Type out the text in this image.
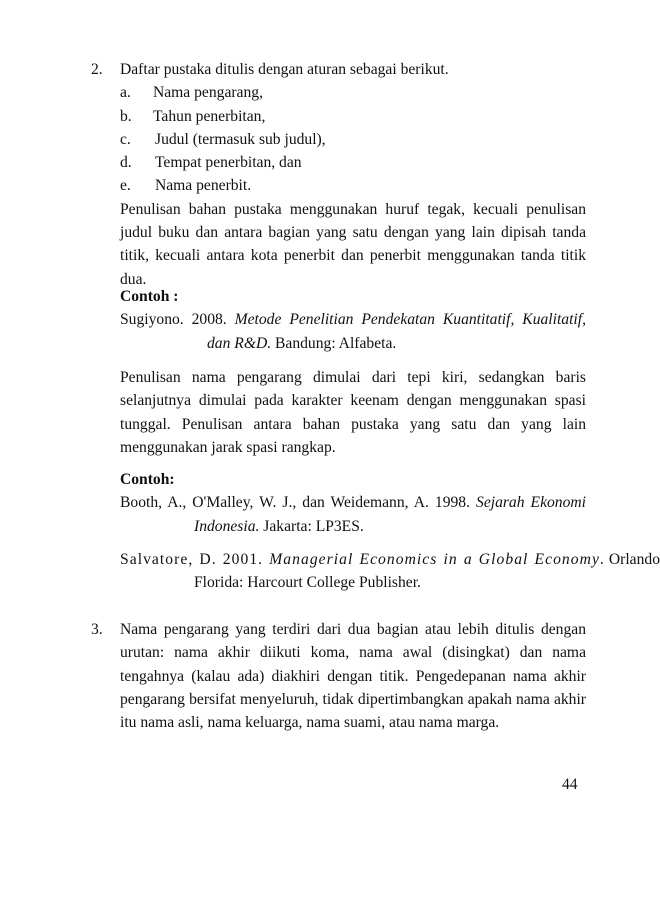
2. Daftar pustaka ditulis dengan aturan sebagai berikut.
a. Nama pengarang,
b. Tahun penerbitan,
c. Judul (termasuk sub judul),
d. Tempat penerbitan, dan
e. Nama penerbit.
Penulisan bahan pustaka menggunakan huruf tegak, kecuali penulisan judul buku dan antara bagian yang satu dengan yang lain dipisah tanda titik, kecuali antara kota penerbit dan penerbit menggunakan tanda titik dua.
Contoh :
Sugiyono. 2008. Metode Penelitian Pendekatan Kuantitatif, Kualitatif, dan R&D. Bandung: Alfabeta.
Penulisan nama pengarang dimulai dari tepi kiri, sedangkan baris selanjutnya dimulai pada karakter keenam dengan menggunakan spasi tunggal. Penulisan antara bahan pustaka yang satu dan yang lain menggunakan jarak spasi rangkap.
Contoh:
Booth, A., O'Malley, W. J., dan Weidemann, A. 1998. Sejarah Ekonomi Indonesia. Jakarta: LP3ES.
Salvatore, D. 2001. Managerial Economics in a Global Economy. Orlando Florida: Harcourt College Publisher.
3. Nama pengarang yang terdiri dari dua bagian atau lebih ditulis dengan urutan: nama akhir diikuti koma, nama awal (disingkat) dan nama tengahnya (kalau ada) diakhiri dengan titik. Pengedepanan nama akhir pengarang bersifat menyeluruh, tidak dipertimbangkan apakah nama akhir itu nama asli, nama keluarga, nama suami, atau nama marga.
44
